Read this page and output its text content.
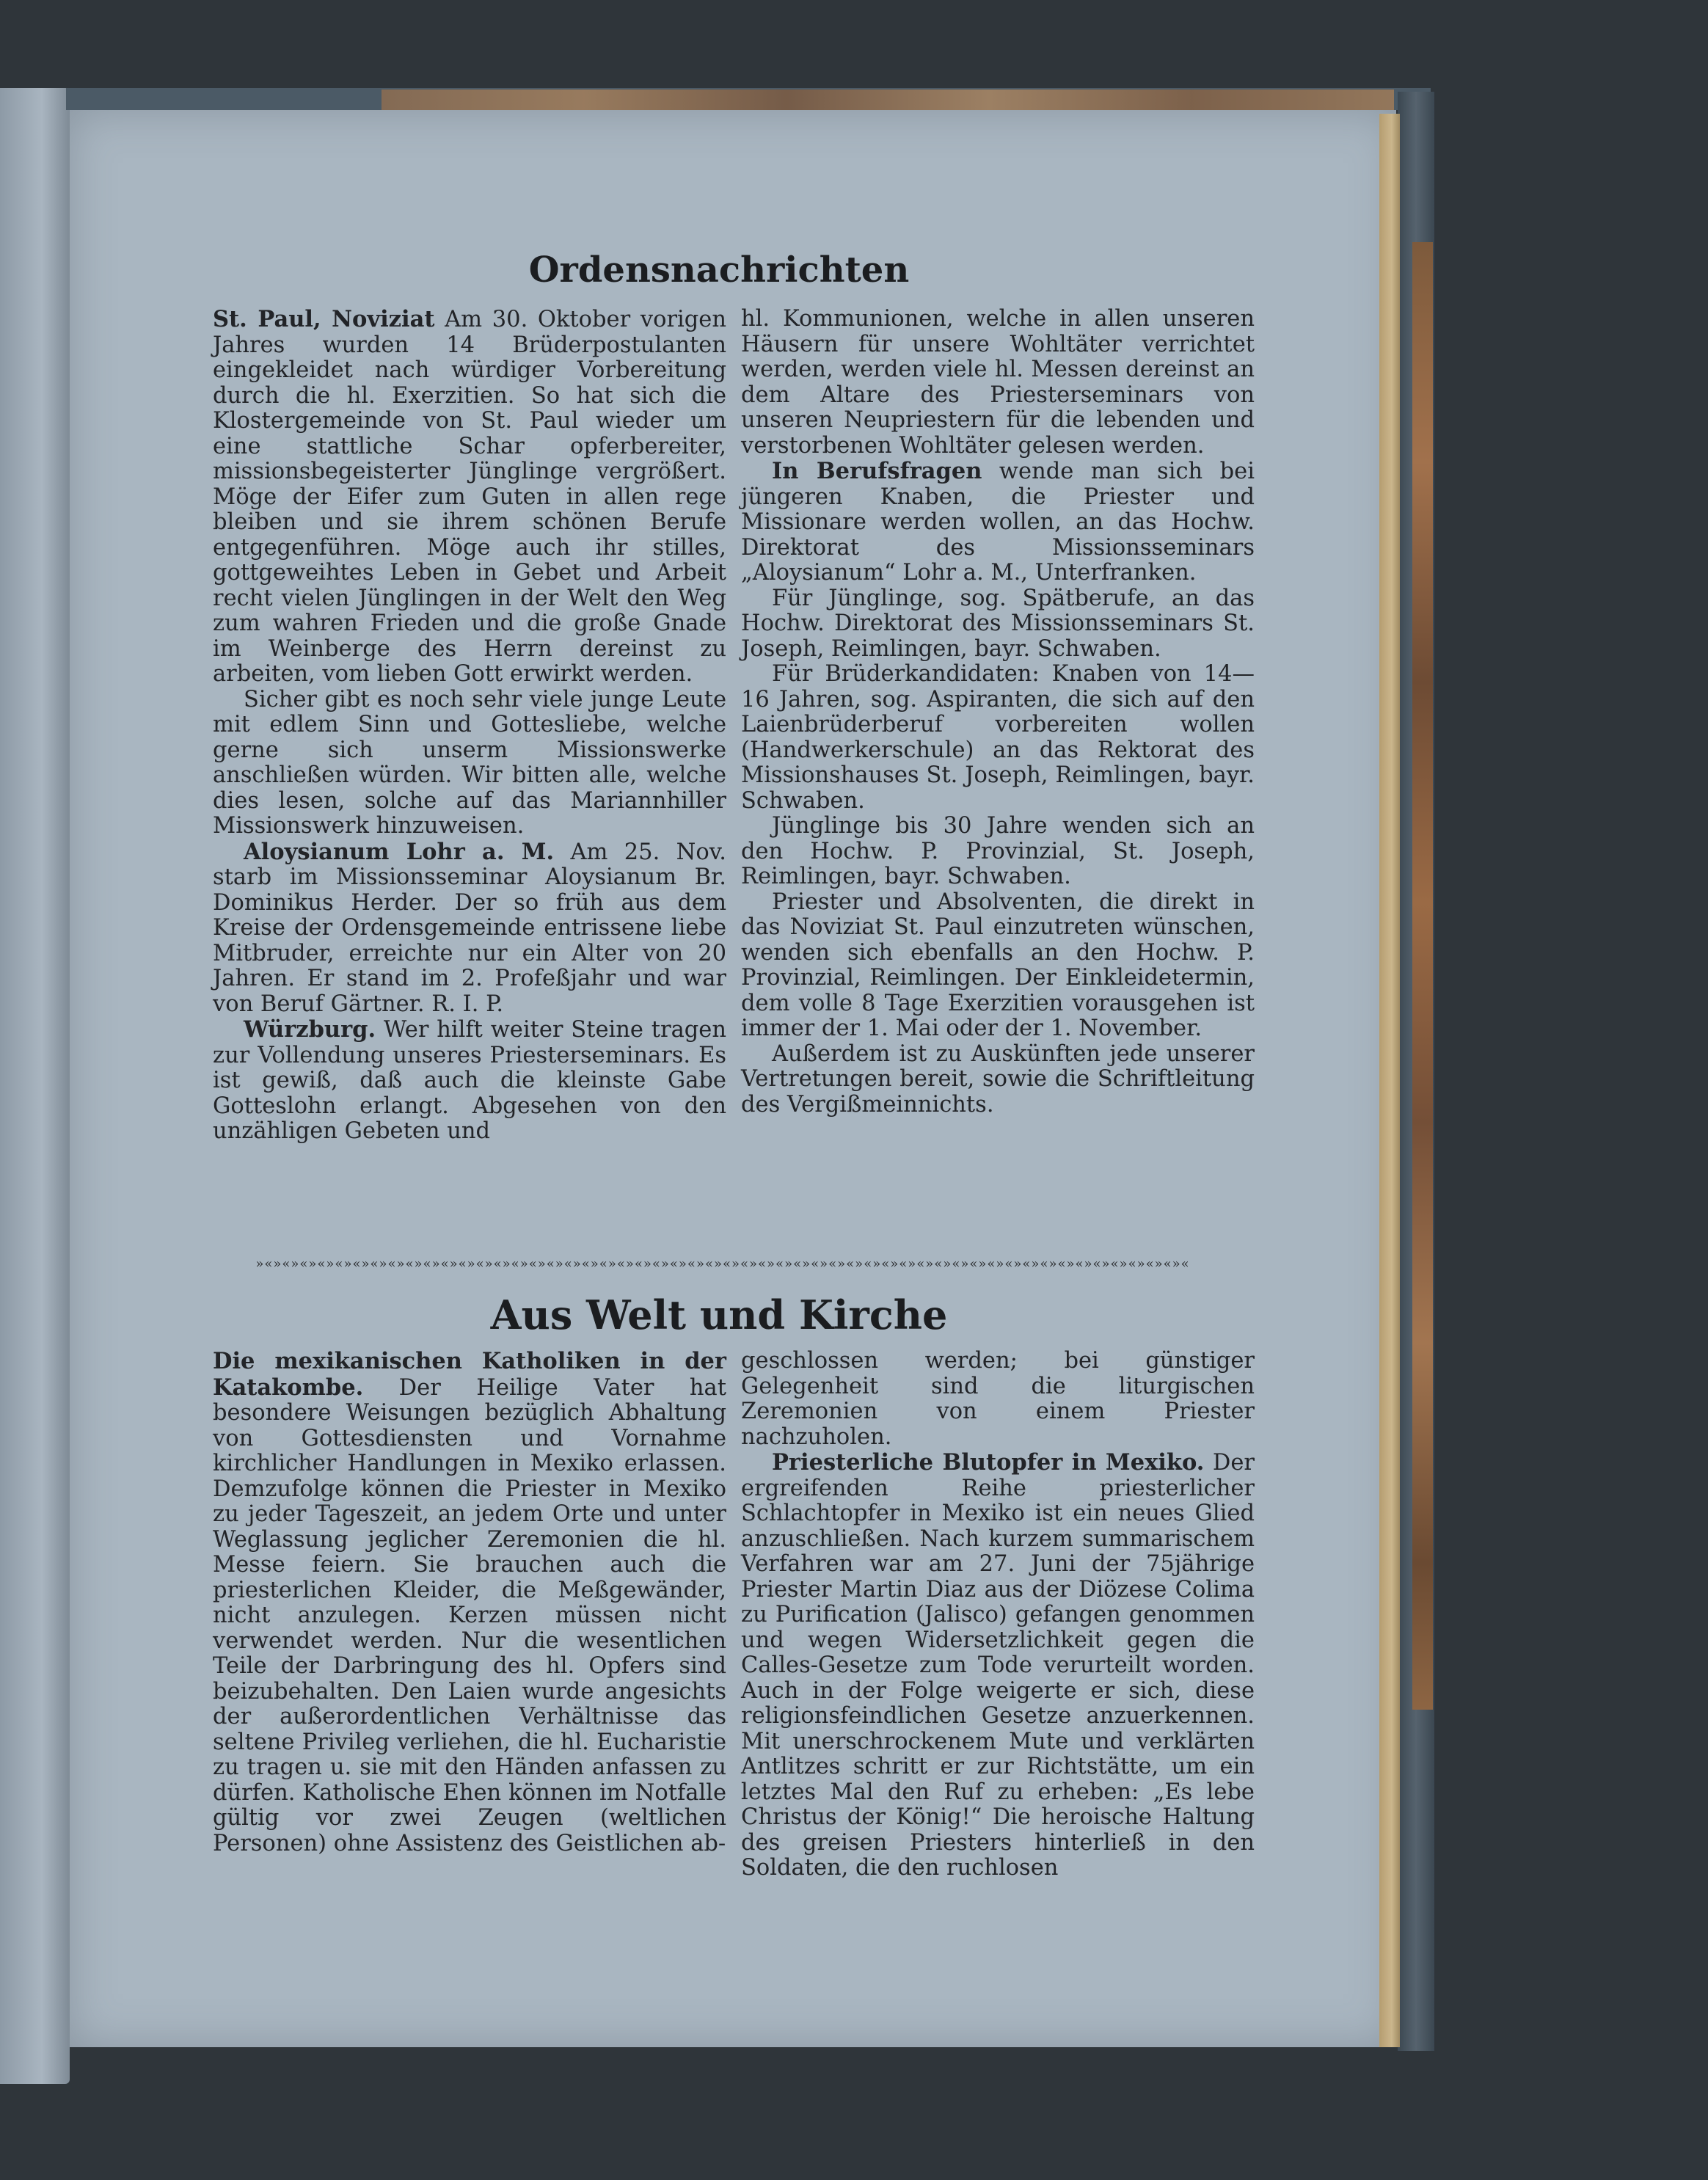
Ordensnachrichten

St. Paul, Noviziat Am 30. Oktober vorigen Jahres wurden 14 Brüderpostulanten eingekleidet nach würdiger Vorbereitung durch die hl. Exerzitien. So hat sich die Klostergemeinde von St. Paul wieder um eine stattliche Schar opferbereiter, missionsbegeisterter Jünglinge vergrößert. Möge der Eifer zum Guten in allen rege bleiben und sie ihrem schönen Berufe entgegenführen. Möge auch ihr stilles, gottgeweihtes Leben in Gebet und Arbeit recht vielen Jünglingen in der Welt den Weg zum wahren Frieden und die große Gnade im Weinberge des Herrn dereinst zu arbeiten, vom lieben Gott erwirkt werden.

Sicher gibt es noch sehr viele junge Leute mit edlem Sinn und Gottesliebe, welche gerne sich unserm Missionswerke anschließen würden. Wir bitten alle, welche dies lesen, solche auf das Mariannhiller Missionswerk hinzuweisen.

Aloysianum Lohr a. M. Am 25. Nov. starb im Missionsseminar Aloysianum Br. Dominikus Herder. Der so früh aus dem Kreise der Ordensgemeinde entrissene liebe Mitbruder, erreichte nur ein Alter von 20 Jahren. Er stand im 2. Profeßjahr und war von Beruf Gärtner. R. I. P.

Würzburg. Wer hilft weiter Steine tragen zur Vollendung unseres Priesterseminars. Es ist gewiß, daß auch die kleinste Gabe Gotteslohn erlangt. Abgesehen von den unzähligen Gebeten und

hl. Kommunionen, welche in allen unseren Häusern für unsere Wohltäter verrichtet werden, werden viele hl. Messen dereinst an dem Altare des Priesterseminars von unseren Neupriestern für die lebenden und verstorbenen Wohltäter gelesen werden.

In Berufsfragen wende man sich bei jüngeren Knaben, die Priester und Missionare werden wollen, an das Hochw. Direktorat des Missionsseminars „Aloysianum“ Lohr a. M., Unterfranken.

Für Jünglinge, sog. Spätberufe, an das Hochw. Direktorat des Missionsseminars St. Joseph, Reimlingen, bayr. Schwaben.

Für Brüderkandidaten: Knaben von 14—16 Jahren, sog. Aspiranten, die sich auf den Laienbrüderberuf vorbereiten wollen (Handwerkerschule) an das Rektorat des Missionshauses St. Joseph, Reimlingen, bayr. Schwaben.

Jünglinge bis 30 Jahre wenden sich an den Hochw. P. Provinzial, St. Joseph, Reimlingen, bayr. Schwaben.

Priester und Absolventen, die direkt in das Noviziat St. Paul einzutreten wünschen, wenden sich ebenfalls an den Hochw. P. Provinzial, Reimlingen. Der Einkleidetermin, dem volle 8 Tage Exerzitien vorausgehen ist immer der 1. Mai oder der 1. November.

Außerdem ist zu Auskünften jede unserer Vertretungen bereit, sowie die Schriftleitung des Vergißmeinnichts.

»«»«»«»«»«»«»«»«»«»«»«»«»«»«»«»«»«»«»«»«»«»«»«»«»«»«»«»«»«»«»«»«»«»«»«»«»«»«»«»«»«»«»«»«»«»«»«»«»«»«»«»«»«
Aus Welt und Kirche

Die mexikanischen Katholiken in der Katakombe. Der Heilige Vater hat besondere Weisungen bezüglich Abhaltung von Gottesdiensten und Vornahme kirchlicher Handlungen in Mexiko erlassen. Demzufolge können die Priester in Mexiko zu jeder Tageszeit, an jedem Orte und unter Weglassung jeglicher Zeremonien die hl. Messe feiern. Sie brauchen auch die priesterlichen Kleider, die Meßgewänder, nicht anzulegen. Kerzen müssen nicht verwendet werden. Nur die wesentlichen Teile der Darbringung des hl. Opfers sind beizubehalten. Den Laien wurde angesichts der außerordentlichen Verhältnisse das seltene Privileg verliehen, die hl. Eucharistie zu tragen u. sie mit den Händen anfassen zu dürfen. Katholische Ehen können im Notfalle gültig vor zwei Zeugen (weltlichen Personen) ohne Assistenz des Geistlichen ab-

geschlossen werden; bei günstiger Gelegenheit sind die liturgischen Zeremonien von einem Priester nachzuholen.

Priesterliche Blutopfer in Mexiko. Der ergreifenden Reihe priesterlicher Schlachtopfer in Mexiko ist ein neues Glied anzuschließen. Nach kurzem summarischem Verfahren war am 27. Juni der 75jährige Priester Martin Diaz aus der Diözese Colima zu Purification (Jalisco) gefangen genommen und wegen Widersetzlichkeit gegen die Calles-Gesetze zum Tode verurteilt worden. Auch in der Folge weigerte er sich, diese religionsfeindlichen Gesetze anzuerkennen. Mit unerschrockenem Mute und verklärten Antlitzes schritt er zur Richtstätte, um ein letztes Mal den Ruf zu erheben: „Es lebe Christus der König!“ Die heroische Haltung des greisen Priesters hinterließ in den Soldaten, die den ruchlosen
